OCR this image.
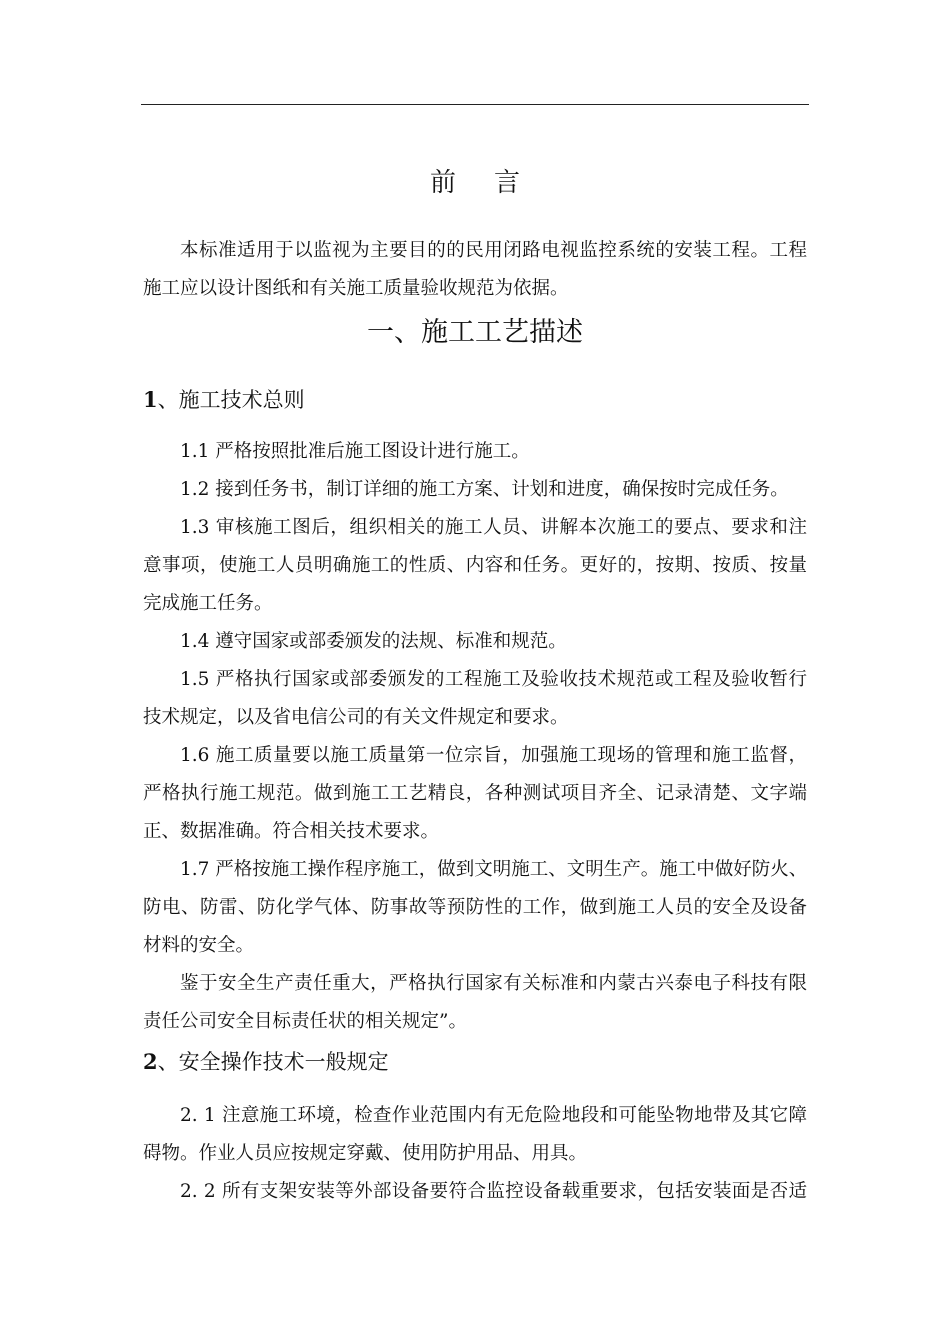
前 言
本标准适用于以监视为主要目的的民用闭路电视监控系统的安装工程。工程
施工应以设计图纸和有关施工质量验收规范为依据。
一、施工工艺描述
1、施工技术总则
1.1 严格按照批准后施工图设计进行施工。
1.2 接到任务书，制订详细的施工方案、计划和进度，确保按时完成任务。
1.3 审核施工图后，组织相关的施工人员、讲解本次施工的要点、要求和注
意事项，使施工人员明确施工的性质、内容和任务。更好的，按期、按质、按量
完成施工任务。
1.4 遵守国家或部委颁发的法规、标准和规范。
1.5 严格执行国家或部委颁发的工程施工及验收技术规范或工程及验收暂行
技术规定，以及省电信公司的有关文件规定和要求。
1.6 施工质量要以施工质量第一位宗旨，加强施工现场的管理和施工监督，
严格执行施工规范。做到施工工艺精良，各种测试项目齐全、记录清楚、文字端
正、数据准确。符合相关技术要求。
1.7 严格按施工操作程序施工，做到文明施工、文明生产。施工中做好防火、
防电、防雷、防化学气体、防事故等预防性的工作，做到施工人员的安全及设备
材料的安全。
鉴于安全生产责任重大，严格执行国家有关标准和内蒙古兴泰电子科技有限
责任公司安全目标责任状的相关规定”。
2、安全操作技术一般规定
2. 1 注意施工环境，检查作业范围内有无危险地段和可能坠物地带及其它障
碍物。作业人员应按规定穿戴、使用防护用品、用具。
2. 2 所有支架安装等外部设备要符合监控设备载重要求，包括安装面是否适
